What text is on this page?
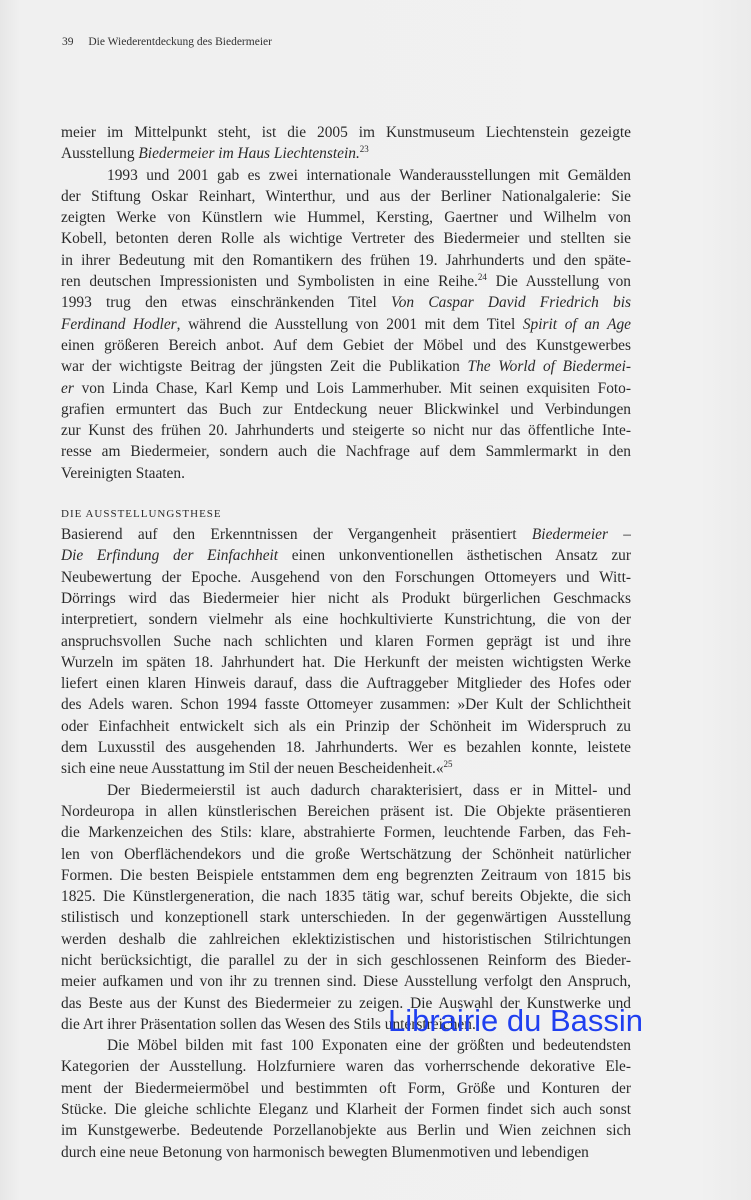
39 Die Wiederentdeckung des Biedermeier
meier im Mittelpunkt steht, ist die 2005 im Kunstmuseum Liechtenstein gezeigte
Ausstellung Biedermeier im Haus Liechtenstein.$^{23}$
1993 und 2001 gab es zwei internationale Wanderausstellungen mit Gemälden
der Stiftung Oskar Reinhart, Winterthur, und aus der Berliner Nationalgalerie: Sie
zeigten Werke von Künstlern wie Hummel, Kersting, Gaertner und Wilhelm von
Kobell, betonten deren Rolle als wichtige Vertreter des Biedermeier und stellten sie
in ihrer Bedeutung mit den Romantikern des frühen 19. Jahrhunderts und den späte-
ren deutschen Impressionisten und Symbolisten in eine Reihe.$^{24}$ Die Ausstellung von
1993 trug den etwas einschränkenden Titel Von Caspar David Friedrich bis
Ferdinand Hodler, während die Ausstellung von 2001 mit dem Titel Spirit of an Age
einen größeren Bereich anbot. Auf dem Gebiet der Möbel und des Kunstgewerbes
war der wichtigste Beitrag der jüngsten Zeit die Publikation The World of Biedermei-
er von Linda Chase, Karl Kemp und Lois Lammerhuber. Mit seinen exquisiten Foto-
grafien ermuntert das Buch zur Entdeckung neuer Blickwinkel und Verbindungen
zur Kunst des frühen 20. Jahrhunderts und steigerte so nicht nur das öffentliche Inte-
resse am Biedermeier, sondern auch die Nachfrage auf dem Sammlermarkt in den
Vereinigten Staaten.
DIE AUSSTELLUNGSTHESE
Basierend auf den Erkenntnissen der Vergangenheit präsentiert Biedermeier –
Die Erfindung der Einfachheit einen unkonventionellen ästhetischen Ansatz zur
Neubewertung der Epoche. Ausgehend von den Forschungen Ottomeyers und Witt-
Dörrings wird das Biedermeier hier nicht als Produkt bürgerlichen Geschmacks
interpretiert, sondern vielmehr als eine hochkultivierte Kunstrichtung, die von der
anspruchsvollen Suche nach schlichten und klaren Formen geprägt ist und ihre
Wurzeln im späten 18. Jahrhundert hat. Die Herkunft der meisten wichtigsten Werke
liefert einen klaren Hinweis darauf, dass die Auftraggeber Mitglieder des Hofes oder
des Adels waren. Schon 1994 fasste Ottomeyer zusammen: »Der Kult der Schlichtheit
oder Einfachheit entwickelt sich als ein Prinzip der Schönheit im Widerspruch zu
dem Luxusstil des ausgehenden 18. Jahrhunderts. Wer es bezahlen konnte, leistete
sich eine neue Ausstattung im Stil der neuen Bescheidenheit.«$^{25}$
Der Biedermeierstil ist auch dadurch charakterisiert, dass er in Mittel- und
Nordeuropa in allen künstlerischen Bereichen präsent ist. Die Objekte präsentieren
die Markenzeichen des Stils: klare, abstrahierte Formen, leuchtende Farben, das Feh-
len von Oberflächendekors und die große Wertschätzung der Schönheit natürlicher
Formen. Die besten Beispiele entstammen dem eng begrenzten Zeitraum von 1815 bis
1825. Die Künstlergeneration, die nach 1835 tätig war, schuf bereits Objekte, die sich
stilistisch und konzeptionell stark unterschieden. In der gegenwärtigen Ausstellung
werden deshalb die zahlreichen eklektizistischen und historistischen Stilrichtungen
nicht berücksichtigt, die parallel zu der in sich geschlossenen Reinform des Bieder-
meier aufkamen und von ihr zu trennen sind. Diese Ausstellung verfolgt den Anspruch,
das Beste aus der Kunst des Biedermeier zu zeigen. Die Auswahl der Kunstwerke und
die Art ihrer Präsentation sollen das Wesen des Stils unterstreichen.
Die Möbel bilden mit fast 100 Exponaten eine der größten und bedeutendsten
Kategorien der Ausstellung. Holzfurniere waren das vorherrschende dekorative Ele-
ment der Biedermeiermöbel und bestimmten oft Form, Größe und Konturen der
Stücke. Die gleiche schlichte Eleganz und Klarheit der Formen findet sich auch sonst
im Kunstgewerbe. Bedeutende Porzellanobjekte aus Berlin und Wien zeichnen sich
durch eine neue Betonung von harmonisch bewegten Blumenmotiven und lebendigen
Librairie du Bassin
